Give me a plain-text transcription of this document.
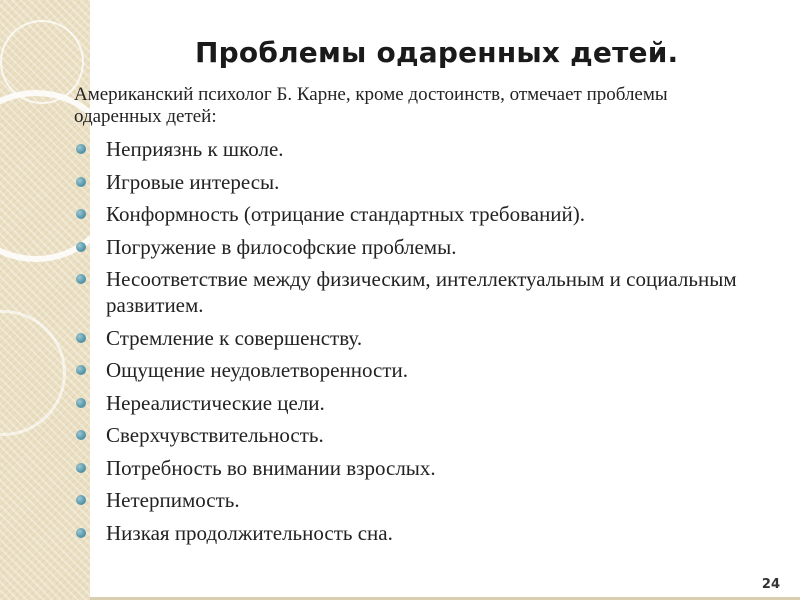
Проблемы одаренных детей.
Американский психолог Б. Карне, кроме достоинств, отмечает проблемы одаренных детей:
Неприязнь к школе.
Игровые интересы.
Конформность (отрицание стандартных требований).
Погружение в философские проблемы.
Несоответствие между физическим, интеллектуальным и социальным развитием.
Стремление к совершенству.
Ощущение неудовлетворенности.
Нереалистические цели.
Сверхчувствительность.
Потребность во внимании взрослых.
Нетерпимость.
Низкая продолжительность сна.
24
